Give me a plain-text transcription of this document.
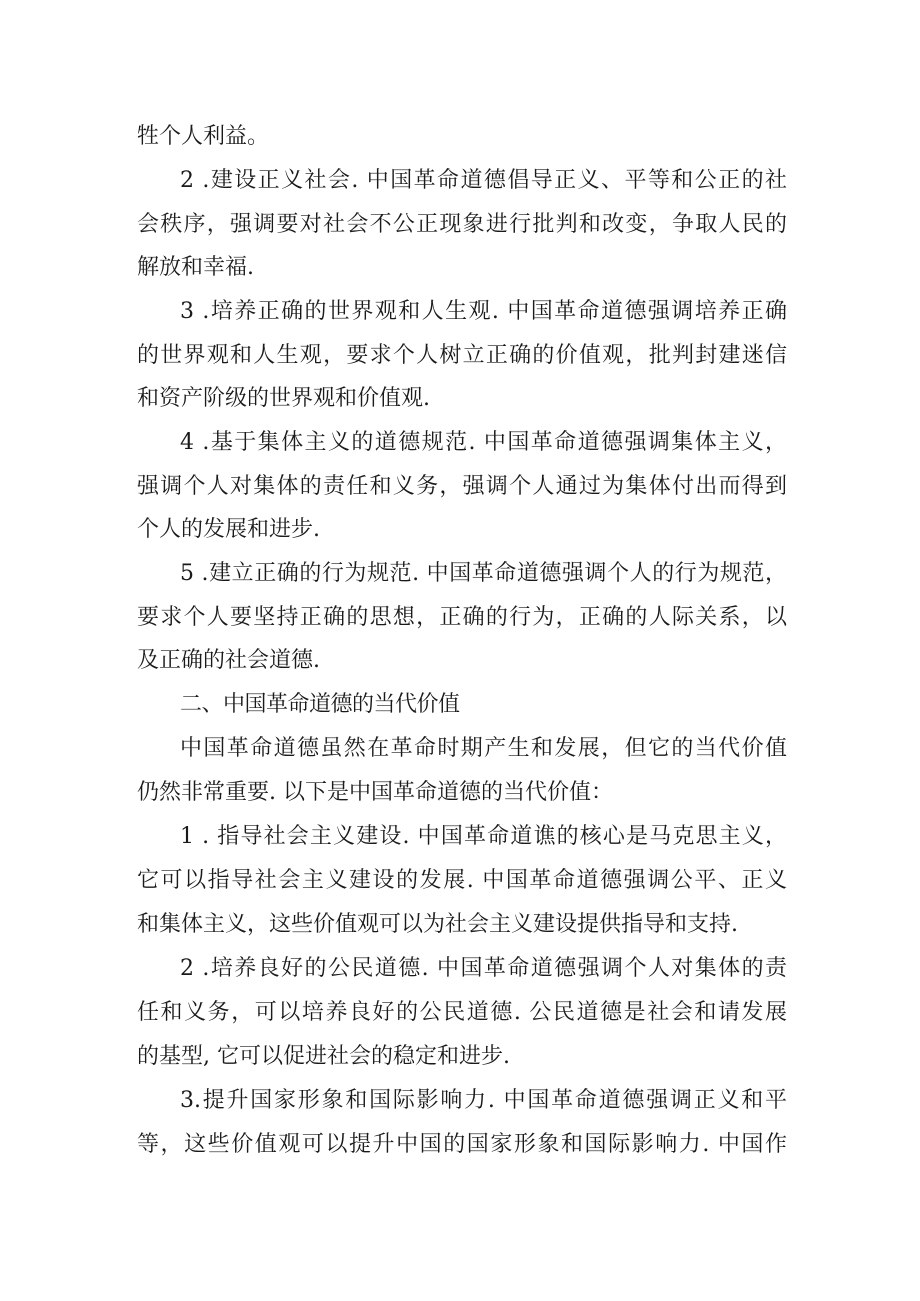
牲个人利益。
2 .建设正义社会. 中国革命道德倡导正义、平等和公正的社
会秩序，强调要对社会不公正现象进行批判和改变，争取人民的
解放和幸福.
3 .培养正确的世界观和人生观. 中国革命道德强调培养正确
的世界观和人生观，要求个人树立正确的价值观，批判封建迷信
和资产阶级的世界观和价值观.
4 .基于集体主义的道德规范. 中国革命道德强调集体主义，
强调个人对集体的责任和义务，强调个人通过为集体付出而得到
个人的发展和进步.
5 .建立正确的行为规范. 中国革命道德强调个人的行为规范，
要求个人要坚持正确的思想，正确的行为，正确的人际关系，以
及正确的社会道德.
二、中国革命道德的当代价值
中国革命道德虽然在革命时期产生和发展，但它的当代价值
仍然非常重要. 以下是中国革命道德的当代价值：
1 . 指导社会主义建设. 中国革命道谯的核心是马克思主义，
它可以指导社会主义建设的发展. 中国革命道德强调公平、正义
和集体主义，这些价值观可以为社会主义建设提供指导和支持.
2 .培养良好的公民道德. 中国革命道德强调个人对集体的责
任和义务，可以培养良好的公民道德. 公民道德是社会和请发展
的基型, 它可以促进社会的稳定和进步.
3.提升国家形象和国际影响力. 中国革命道德强调正义和平
等，这些价值观可以提升中国的国家形象和国际影响力. 中国作
